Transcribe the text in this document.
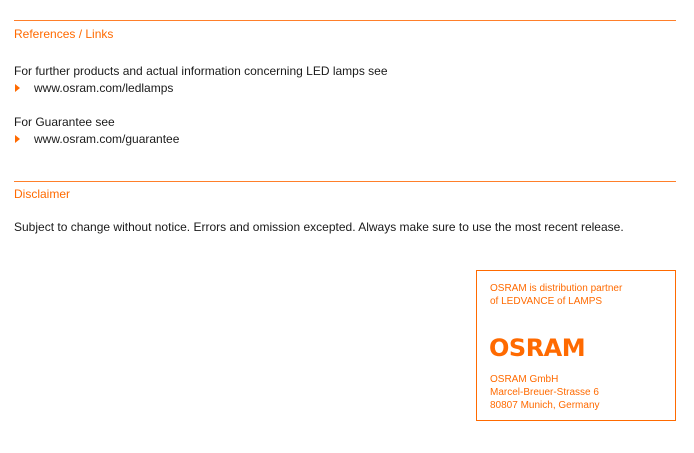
References / Links
For further products and actual information concerning LED lamps see
www.osram.com/ledlamps
For Guarantee see
www.osram.com/guarantee
Disclaimer
Subject to change without notice. Errors and omission excepted. Always make sure to use the most recent release.
OSRAM is distribution partner
of LEDVANCE of LAMPS
OSRAM
OSRAM GmbH
Marcel-Breuer-Strasse 6
80807 Munich, Germany
